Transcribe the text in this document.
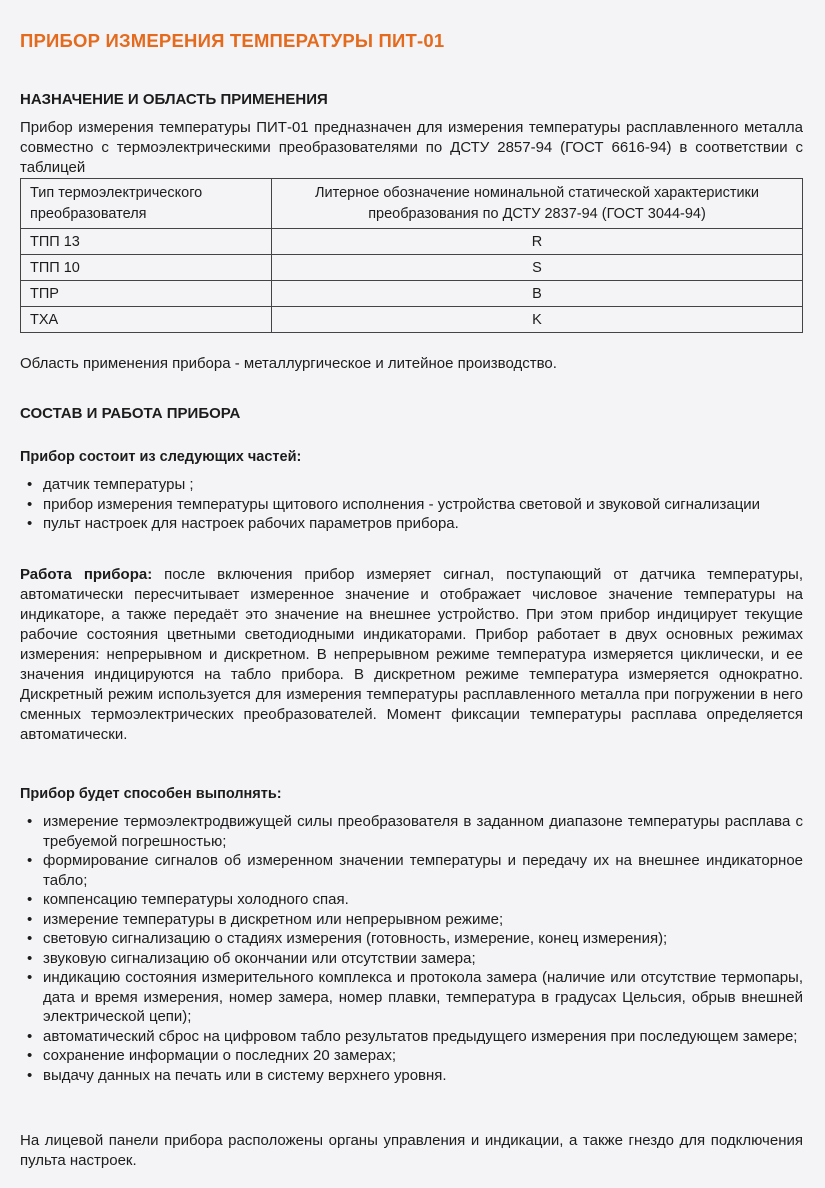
ПРИБОР ИЗМЕРЕНИЯ ТЕМПЕРАТУРЫ ПИТ-01
НАЗНАЧЕНИЕ И ОБЛАСТЬ ПРИМЕНЕНИЯ

Прибор измерения температуры ПИТ-01 предназначен для измерения температуры расплавленного металла совместно с термоэлектрическими преобразователями по ДСТУ 2857-94 (ГОСТ 6616-94) в соответствии с таблицей

Тип термоэлектрического преобразователя	Литерное обозначение номинальной статической характеристики преобразования по ДСТУ 2837-94 (ГОСТ 3044-94)
ТПП 13	R
ТПП 10	S
ТПР	B
ТХА	K

Область применения прибора - металлургическое и литейное производство.

СОСТАВ И РАБОТА ПРИБОРА
Прибор состоит из следующих частей:
• датчик температуры ;
• прибор измерения температуры щитового исполнения - устройства световой и звуковой сигнализации
• пульт настроек для настроек рабочих параметров прибора.

Работа прибора: после включения прибор измеряет сигнал, поступающий от датчика температуры, автоматически пересчитывает измеренное значение и отображает числовое значение температуры на индикаторе, а также передаёт это значение на внешнее устройство. При этом прибор индицирует текущие рабочие состояния цветными светодиодными индикаторами. Прибор работает в двух основных режимах измерения: непрерывном и дискретном. В непрерывном режиме температура измеряется циклически, и ее значения индицируются на табло прибора. В дискретном режиме температура измеряется однократно. Дискретный режим используется для измерения температуры расплавленного металла при погружении в него сменных термоэлектрических преобразователей. Момент фиксации температуры расплава определяется автоматически.

Прибор будет способен выполнять:
• измерение термоэлектродвижущей силы преобразователя в заданном диапазоне температуры расплава с требуемой погрешностью;
• формирование сигналов об измеренном значении температуры и передачу их на внешнее индикаторное табло;
• компенсацию температуры холодного спая.
• измерение температуры в дискретном или непрерывном режиме;
• световую сигнализацию о стадиях измерения (готовность, измерение, конец измерения);
• звуковую сигнализацию об окончании или отсутствии замера;
• индикацию состояния измерительного комплекса и протокола замера (наличие или отсутствие термопары, дата и время измерения, номер замера, номер плавки, температура в градусах Цельсия, обрыв внешней электрической цепи);
• автоматический сброс на цифровом табло результатов предыдущего измерения при последующем замере;
• сохранение информации о последних 20 замерах;
• выдачу данных на печать или в систему верхнего уровня.

На лицевой панели прибора расположены органы управления и индикации, а также гнездо для подключения пульта настроек.
